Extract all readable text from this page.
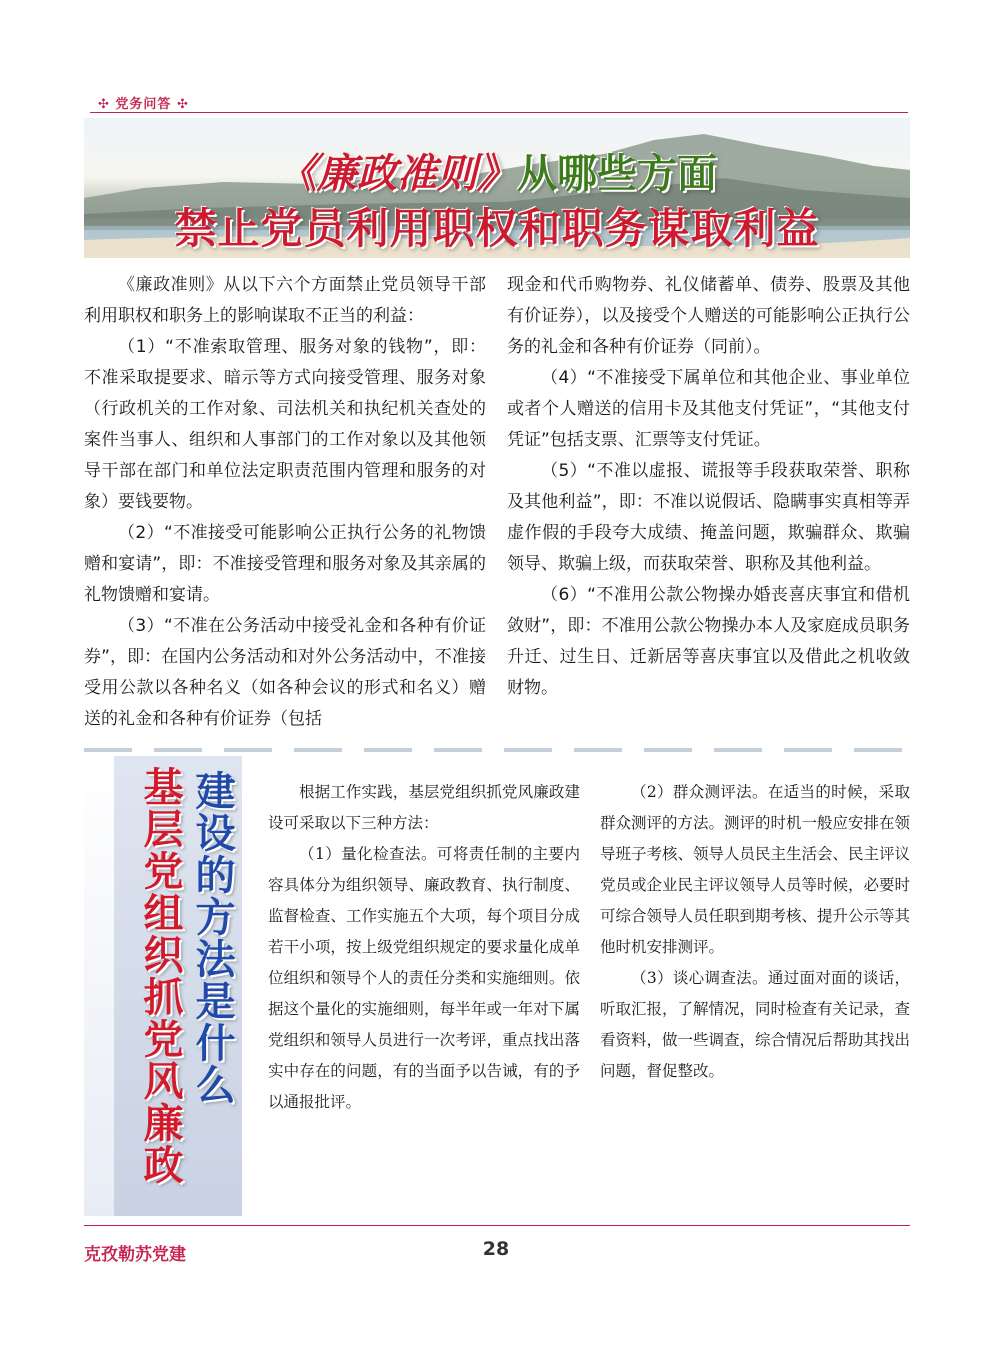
✣ 党务问答 ✣
《廉政准则》从哪些方面
禁止党员利用职权和职务谋取利益

《廉政准则》从以下六个方面禁止党员领导干部利用职权和职务上的影响谋取不正当的利益：

（1）“不准索取管理、服务对象的钱物”，即：不准采取提要求、暗示等方式向接受管理、服务对象（行政机关的工作对象、司法机关和执纪机关查处的案件当事人、组织和人事部门的工作对象以及其他领导干部在部门和单位法定职责范围内管理和服务的对象）要钱要物。

（2）“不准接受可能影响公正执行公务的礼物馈赠和宴请”，即：不准接受管理和服务对象及其亲属的礼物馈赠和宴请。

（3）“不准在公务活动中接受礼金和各种有价证券”，即：在国内公务活动和对外公务活动中，不准接受用公款以各种名义（如各种会议的形式和名义）赠送的礼金和各种有价证券（包括

现金和代币购物券、礼仪储蓄单、债券、股票及其他有价证券），以及接受个人赠送的可能影响公正执行公务的礼金和各种有价证券（同前）。

（4）“不准接受下属单位和其他企业、事业单位或者个人赠送的信用卡及其他支付凭证”，“其他支付凭证”包括支票、汇票等支付凭证。

（5）“不准以虚报、谎报等手段获取荣誉、职称及其他利益”，即：不准以说假话、隐瞒事实真相等弄虚作假的手段夸大成绩、掩盖问题，欺骗群众、欺骗领导、欺骗上级，而获取荣誉、职称及其他利益。

（6）“不准用公款公物操办婚丧喜庆事宜和借机敛财”，即：不准用公款公物操办本人及家庭成员职务升迁、过生日、迁新居等喜庆事宜以及借此之机收敛财物。

基层党组织抓党风廉政 建设的方法是什么	根据工作实践，基层党组织抓党风廉政建设可采取以下三种方法：

（1）量化检查法。可将责任制的主要内容具体分为组织领导、廉政教育、执行制度、监督检查、工作实施五个大项，每个项目分成若干小项，按上级党组织规定的要求量化成单位组织和领导个人的责任分类和实施细则。依据这个量化的实施细则，每半年或一年对下属党组织和领导人员进行一次考评，重点找出落实中存在的问题，有的当面予以告诫，有的予以通报批评。

（2）群众测评法。在适当的时候，采取群众测评的方法。测评的时机一般应安排在领导班子考核、领导人员民主生活会、民主评议党员或企业民主评议领导人员等时候，必要时可综合领导人员任职到期考核、提升公示等其他时机安排测评。

（3）谈心调查法。通过面对面的谈话，听取汇报，了解情况，同时检查有关记录，查看资料，做一些调查，综合情况后帮助其找出问题，督促整改。

克孜勒苏党建	28
